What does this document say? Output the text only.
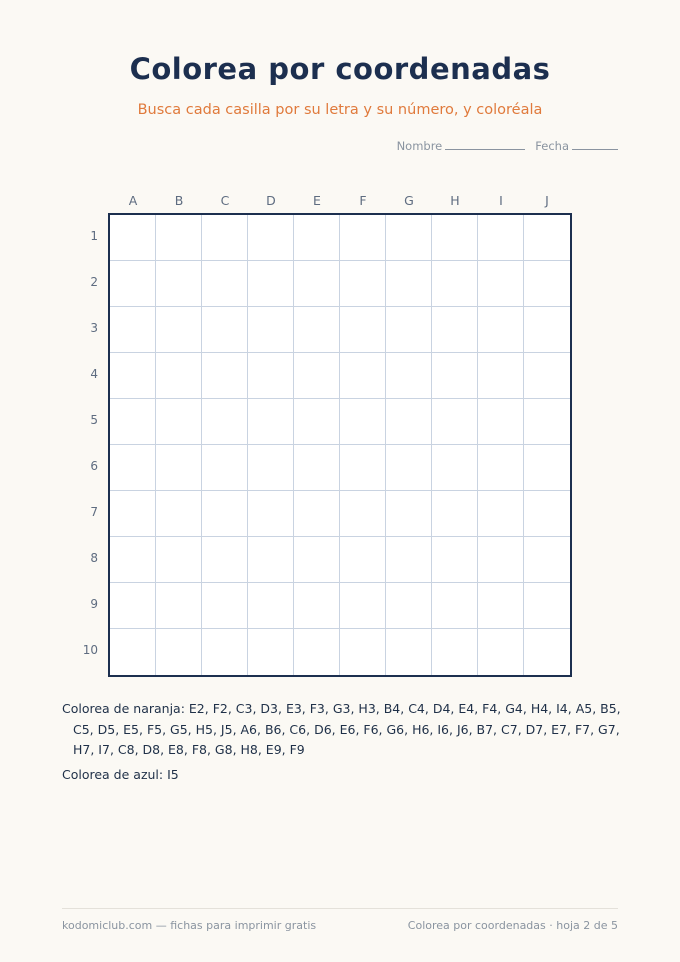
Colorea por coordenadas
Busca cada casilla por su letra y su número, y coloréala
Nombre	Fecha
A	B	C	D	E	F	G	H	I	J
1
2
3
4
5
6
7
8
9
10
Colorea de naranja: E2, F2, C3, D3, E3, F3, G3, H3, B4, C4, D4, E4, F4, G4, H4, I4, A5, B5, C5, D5, E5, F5, G5, H5, J5, A6, B6, C6, D6, E6, F6, G6, H6, I6, J6, B7, C7, D7, E7, F7, G7, H7, I7, C8, D8, E8, F8, G8, H8, E9, F9
Colorea de azul: I5
kodomiclub.com — fichas para imprimir gratis	Colorea por coordenadas · hoja 2 de 5
